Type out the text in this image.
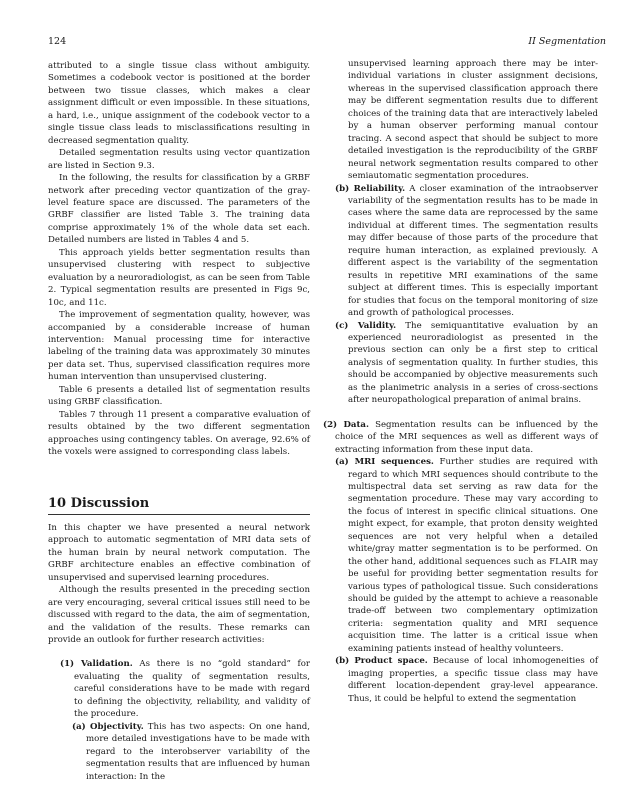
124	II Segmentation

attributed to a single tissue class without ambiguity. Sometimes a codebook vector is positioned at the border between two tissue classes, which makes a clear assignment difficult or even impossible. In these situations, a hard, i.e., unique assignment of the codebook vector to a single tissue class leads to misclassifications resulting in decreased segmentation quality.

Detailed segmentation results using vector quantization are listed in Section 9.3.

In the following, the results for classification by a GRBF network after preceding vector quantization of the gray-level feature space are discussed. The parameters of the GRBF classifier are listed Table 3. The training data comprise approximately 1% of the whole data set each. Detailed numbers are listed in Tables 4 and 5.

This approach yields better segmentation results than unsupervised clustering with respect to subjective evaluation by a neuroradiologist, as can be seen from Table 2. Typical segmentation results are presented in Figs 9c, 10c, and 11c.

The improvement of segmentation quality, however, was accompanied by a considerable increase of human intervention: Manual processing time for interactive labeling of the training data was approximately 30 minutes per data set. Thus, supervised classification requires more human intervention than unsupervised clustering.

Table 6 presents a detailed list of segmentation results using GRBF classification.

Tables 7 through 11 present a comparative evaluation of results obtained by the two different segmentation approaches using contingency tables. On average, 92.6% of the voxels were assigned to corresponding class labels.

10 Discussion

In this chapter we have presented a neural network approach to automatic segmentation of MRI data sets of the human brain by neural network computation. The GRBF architecture enables an effective combination of unsupervised and supervised learning procedures.

Although the results presented in the preceding section are very encouraging, several critical issues still need to be discussed with regard to the data, the aim of segmentation, and the validation of the results. These remarks can provide an outlook for further research activities:

(1) Validation. As there is no “gold standard” for evaluating the quality of segmentation results, careful considerations have to be made with regard to defining the objectivity, reliability, and validity of the procedure.

(a) Objectivity. This has two aspects: On one hand, more detailed investigations have to be made with regard to the interobserver variability of the segmentation results that are influenced by human interaction: In the

unsupervised learning approach there may be inter-individual variations in cluster assignment decisions, whereas in the supervised classification approach there may be different segmentation results due to different choices of the training data that are interactively labeled by a human observer performing manual contour tracing. A second aspect that should be subject to more detailed investigation is the reproducibility of the GRBF neural network segmentation results compared to other semiautomatic segmentation procedures.

(b) Reliability. A closer examination of the intraobserver variability of the segmentation results has to be made in cases where the same data are reprocessed by the same individual at different times. The segmentation results may differ because of those parts of the procedure that require human interaction, as explained previously. A different aspect is the variability of the segmentation results in repetitive MRI examinations of the same subject at different times. This is especially important for studies that focus on the temporal monitoring of size and growth of pathological processes.

(c) Validity. The semiquantitative evaluation by an experienced neuroradiologist as presented in the previous section can only be a first step to critical analysis of segmentation quality. In further studies, this should be accompanied by objective measurements such as the planimetric analysis in a series of cross-sections after neuropathological preparation of animal brains.

(2) Data. Segmentation results can be influenced by the choice of the MRI sequences as well as different ways of extracting information from these input data.

(a) MRI sequences. Further studies are required with regard to which MRI sequences should contribute to the multispectral data set serving as raw data for the segmentation procedure. These may vary according to the focus of interest in specific clinical situations. One might expect, for example, that proton density weighted sequences are not very helpful when a detailed white/gray matter segmentation is to be performed. On the other hand, additional sequences such as FLAIR may be useful for providing better segmentation results for various types of pathological tissue. Such considerations should be guided by the attempt to achieve a reasonable trade-off between two complementary optimization criteria: segmentation quality and MRI sequence acquisition time. The latter is a critical issue when examining patients instead of healthy volunteers.

(b) Product space. Because of local inhomogeneities of imaging properties, a specific tissue class may have different location-dependent gray-level appearance. Thus, it could be helpful to extend the segmentation
